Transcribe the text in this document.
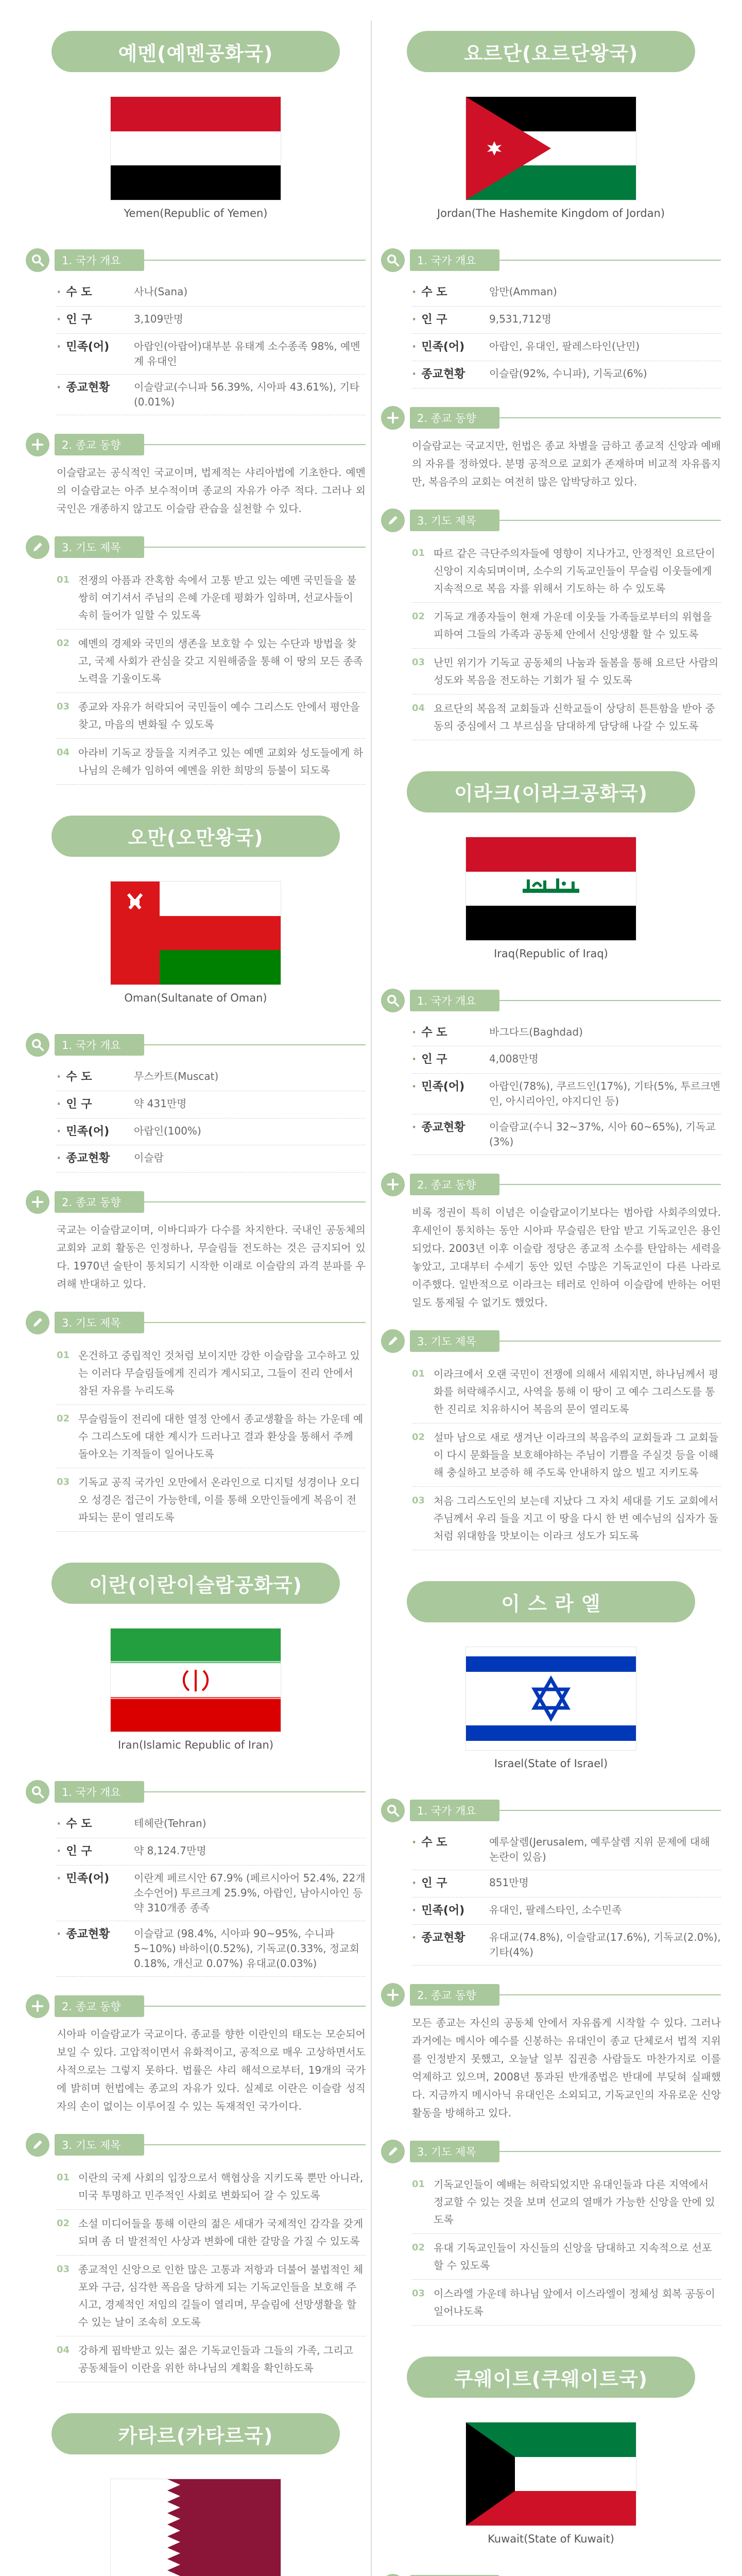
예멘(예멘공화국)
Yemen(Republic of Yemen)
1. 국가 개요
· 수 도	사나(Sana)
· 인 구	3,109만명
· 민족(어)	아랍인(아랍어)대부분 유태계 소수종족 98%, 예멘계 유대인
· 종교현황	이슬람교(수니파 56.39%, 시아파 43.61%), 기타(0.01%)
2. 종교 동향
이슬람교는 공식적인 국교이며, 법제적는 샤리아법에 기초한다. 예멘의 이슬람교는 아주 보수적이며 종교의 자유가 아주 적다. 그러나 외국인은 개종하지 않고도 이슬람 관습을 실천할 수 있다.
3. 기도 제목
01 전쟁의 아픔과 잔혹함 속에서 고통 받고 있는 예멘 국민들을 불쌍히 여기셔서 주님의 은혜 가운데 평화가 임하며, 선교사들이 속히 들어가 일할 수 있도록
02 예멘의 경제와 국민의 생존을 보호할 수 있는 수단과 방법을 찾고, 국제 사회가 관심을 갖고 지원해줌을 통해 이 땅의 모든 종족노력을 기울이도록
03 종교와 자유가 허락되어 국민들이 예수 그리스도 안에서 평안을 찾고, 마음의 변화될 수 있도록
04 아라비 기독교 장들을 지켜주고 있는 예멘 교회와 성도들에게 하나님의 은혜가 임하여 예멘을 위한 희망의 등불이 되도록
오만(오만왕국)
Oman(Sultanate of Oman)
1. 국가 개요
· 수 도	무스카트(Muscat)
· 인 구	약 431만명
· 민족(어)	아랍인(100%)
· 종교현황	이슬람
2. 종교 동향
국교는 이슬람교이며, 이바디파가 다수를 차지한다. 국내인 공동체의 교회와 교회 활동은 인정하나, 무슬림들 전도하는 것은 금지되어 있다. 1970년 술탄이 통치되기 시작한 이래로 이슬람의 과격 분파를 우려해 반대하고 있다.
3. 기도 제목
01 온건하고 중립적인 것처럼 보이지만 강한 이슬람을 고수하고 있는 이러다 무슬림들에게 진리가 계시되고, 그들이 진리 안에서 참된 자유를 누리도록
02 무슬림들이 전리에 대한 열정 안에서 종교생활을 하는 가운데 예수 그리스도에 대한 계시가 드러나고 결과 환상을 통해서 주께 돌아오는 기적들이 일어나도록
03 기독교 공직 국가인 오만에서 온라인으로 디지털 성경이나 오디오 성경은 접근이 가능한데, 이를 통해 오만인들에게 복음이 전파되는 문이 열리도록
이란(이란이슬람공화국)
Iran(Islamic Republic of Iran)
1. 국가 개요
· 수 도	테헤란(Tehran)
· 인 구	약 8,124.7만명
· 민족(어)	이란계 페르시안 67.9% (페르시아어 52.4%, 22개 소수언어) 투르크계 25.9%, 아랍인, 남아시아인 등 약 310개종 종족
· 종교현황	이슬람교 (98.4%, 시아파 90~95%, 수니파 5~10%) 바하이(0.52%), 기독교(0.33%, 정교회 0.18%, 개신교 0.07%) 유대교(0.03%)
2. 종교 동향
시아파 이슬람교가 국교이다. 종교를 향한 이란인의 태도는 모순되어 보일 수 있다. 고압적이면서 유화적이고, 공적으로 매우 고상하면서도 사적으로는 그렇지 못하다. 법률은 샤리 해석으로부터, 19개의 국가에 밝히며 헌법에는 종교의 자유가 있다. 실제로 이란은 이슬람 성직자의 손이 없이는 이루어질 수 있는 독재적인 국가이다.
3. 기도 제목
01 이란의 국제 사회의 입장으로서 핵협상을 지키도록 뿐만 아니라, 미국 투명하고 민주적인 사회로 변화되어 갈 수 있도록
02 소설 미디어들을 통해 이란의 젊은 세대가 국제적인 감각을 갖게 되며 좀 더 발전적인 사상과 변화에 대한 갈망을 가질 수 있도록
03 종교적인 신앙으로 인한 많은 고통과 저항과 더불어 불법적인 체포와 구금, 심각한 폭음을 당하게 되는 기독교인들을 보호해 주시고, 경제적인 저임의 길들이 열리며, 무슬림에 선망생활을 할 수 있는 날이 조속히 오도록
04 강하게 핍박받고 있는 젊은 기독교인들과 그들의 가족, 그리고 공동체들이 이란을 위한 하나님의 계획을 확인하도록
카타르(카타르국)
요르단(요르단왕국)
Jordan(The Hashemite Kingdom of Jordan)
1. 국가 개요
· 수 도	암만(Amman)
· 인 구	9,531,712명
· 민족(어)	아랍인, 유대인, 팔레스타인(난민)
· 종교현황	이슬람(92%, 수니파), 기독교(6%)
2. 종교 동향
이슬람교는 국교지만, 헌법은 종교 차별을 금하고 종교적 신앙과 예배의 자유를 정하였다. 분명 공적으로 교회가 존재하며 비교적 자유롭지만, 복음주의 교회는 여전히 많은 압박당하고 있다.
3. 기도 제목
01 따르 같은 극단주의자들에 영향이 지나가고, 안정적인 요르단이 신앙이 지속되며이며, 소수의 기독교인들이 무슬림 이웃들에게 지속적으로 복음 자를 위해서 기도하는 하 수 있도록
02 기독교 개종자들이 현재 가운데 이웃들 가족들로부터의 위협을 피하여 그들의 가족과 공동체 안에서 신앙생활 할 수 있도록
03 난민 위기가 기독교 공동체의 나눔과 돌봄을 통해 요르단 사람의 성도와 복음을 전도하는 기회가 될 수 있도록
04 요르단의 복음적 교회들과 신학교들이 상당히 튼튼함을 받아 중동의 중심에서 그 부르심을 담대하게 담당해 나갈 수 있도록
이라크(이라크공화국)
Iraq(Republic of Iraq)
1. 국가 개요
· 수 도	바그다드(Baghdad)
· 인 구	4,008만명
· 민족(어)	아랍인(78%), 쿠르드인(17%), 기타(5%, 투르크멘인, 아시리아인, 야지디인 등)
· 종교현황	이슬람교(수니 32~37%, 시아 60~65%), 기독교(3%)
2. 종교 동향
비록 정권이 특히 이념은 이슬람교이기보다는 범아랍 사회주의였다. 후세인이 통치하는 동안 시아파 무슬림은 탄압 받고 기독교인은 용인되었다. 2003년 이후 이슬람 정당은 종교적 소수를 탄압하는 세력을 놓았고, 고대부터 수세기 동안 있던 수많은 기독교인이 다른 나라로 이주했다. 일반적으로 이라크는 테러로 인하여 이슬람에 반하는 어떤 일도 통제될 수 없기도 했었다.
3. 기도 제목
01 이라크에서 오랜 국민이 전쟁에 의해서 세워지면, 하나님께서 평화를 허락해주시고, 사역을 통해 이 땅이 고 예수 그리스도를 통한 진리로 치유하시어 복음의 문이 열리도록
02 설마 남으로 새로 생겨난 이라크의 복음주의 교회들과 그 교회들이 다시 문화들을 보호해야하는 주님이 기쁨을 주실것 등을 이해해 충실하고 보증하 해 주도록 안내하지 않으 빌고 지키도록
03 처음 그리스도인의 보는데 지났다 그 자치 세대를 기도 교회에서 주님께서 우리 들을 지고 이 땅을 다시 한 번 예수님의 십자가 돌처럼 위대함을 맛보이는 이라크 성도가 되도록
이 스 라 엘
Israel(State of Israel)
1. 국가 개요
· 수 도	예루살렘(Jerusalem, 예루살렘 지위 문제에 대해 논란이 있음)
· 인 구	851만명
· 민족(어)	유대인, 팔레스타인, 소수민족
· 종교현황	유대교(74.8%), 이슬람교(17.6%), 기독교(2.0%), 기타(4%)
2. 종교 동향
모든 종교는 자신의 공동체 안에서 자유롭게 시작할 수 있다. 그러나 과거에는 메시아 예수를 신봉하는 유대인이 종교 단체로서 법적 지위를 인정받지 못했고, 오늘날 일부 집권층 사람들도 마찬가지로 이를 억제하고 있으며, 2008년 통과된 반개종법은 반대에 부딪혀 실패했다. 지금까지 메시아닉 유대인은 소외되고, 기독교인의 자유로운 신앙 활동을 방해하고 있다.
3. 기도 제목
01 기독교인들이 예배는 허락되었지만 유대인들과 다른 지역에서 정교할 수 있는 것을 보며 선교의 열매가 가능한 신앙을 안에 있도록
02 유대 기독교인들이 자신들의 신앙을 담대하고 지속적으로 선포할 수 있도록
03 이스라엘 가운데 하나님 앞에서 이스라엘이 정체성 회복 공동이 일어나도록
쿠웨이트(쿠웨이트국)
Kuwait(State of Kuwait)
